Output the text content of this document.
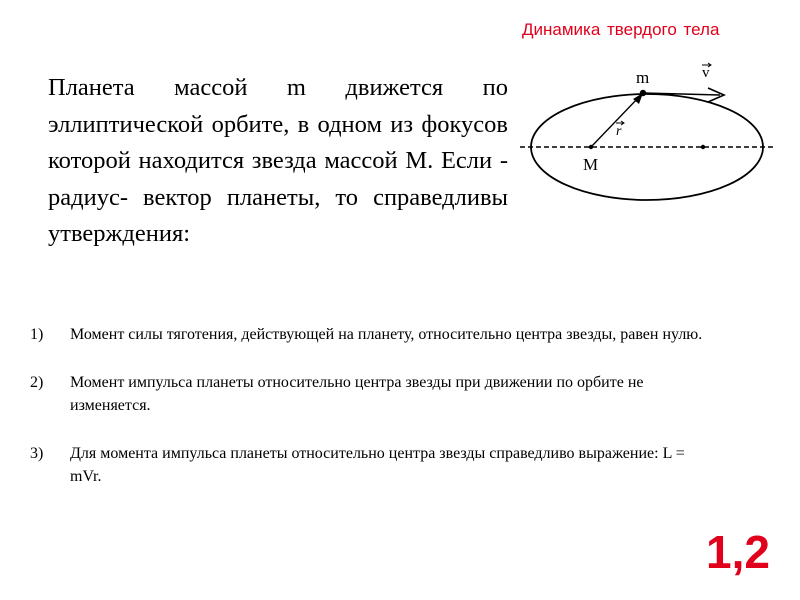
Динамика твердого тела
Планета массой m движется по эллиптической орбите, в одном из фокусов которой находится звезда массой М. Если - радиус- вектор планеты, то справедливы утверждения:
m	v
r
M
1) Момент силы тяготения, действующей на планету, относительно центра звезды, равен нулю.
2) Момент импульса планеты относительно центра звезды при движении по орбите не изменяется.
3) Для момента импульса планеты относительно центра звезды справедливо выражение: L = mVr.
1,2
